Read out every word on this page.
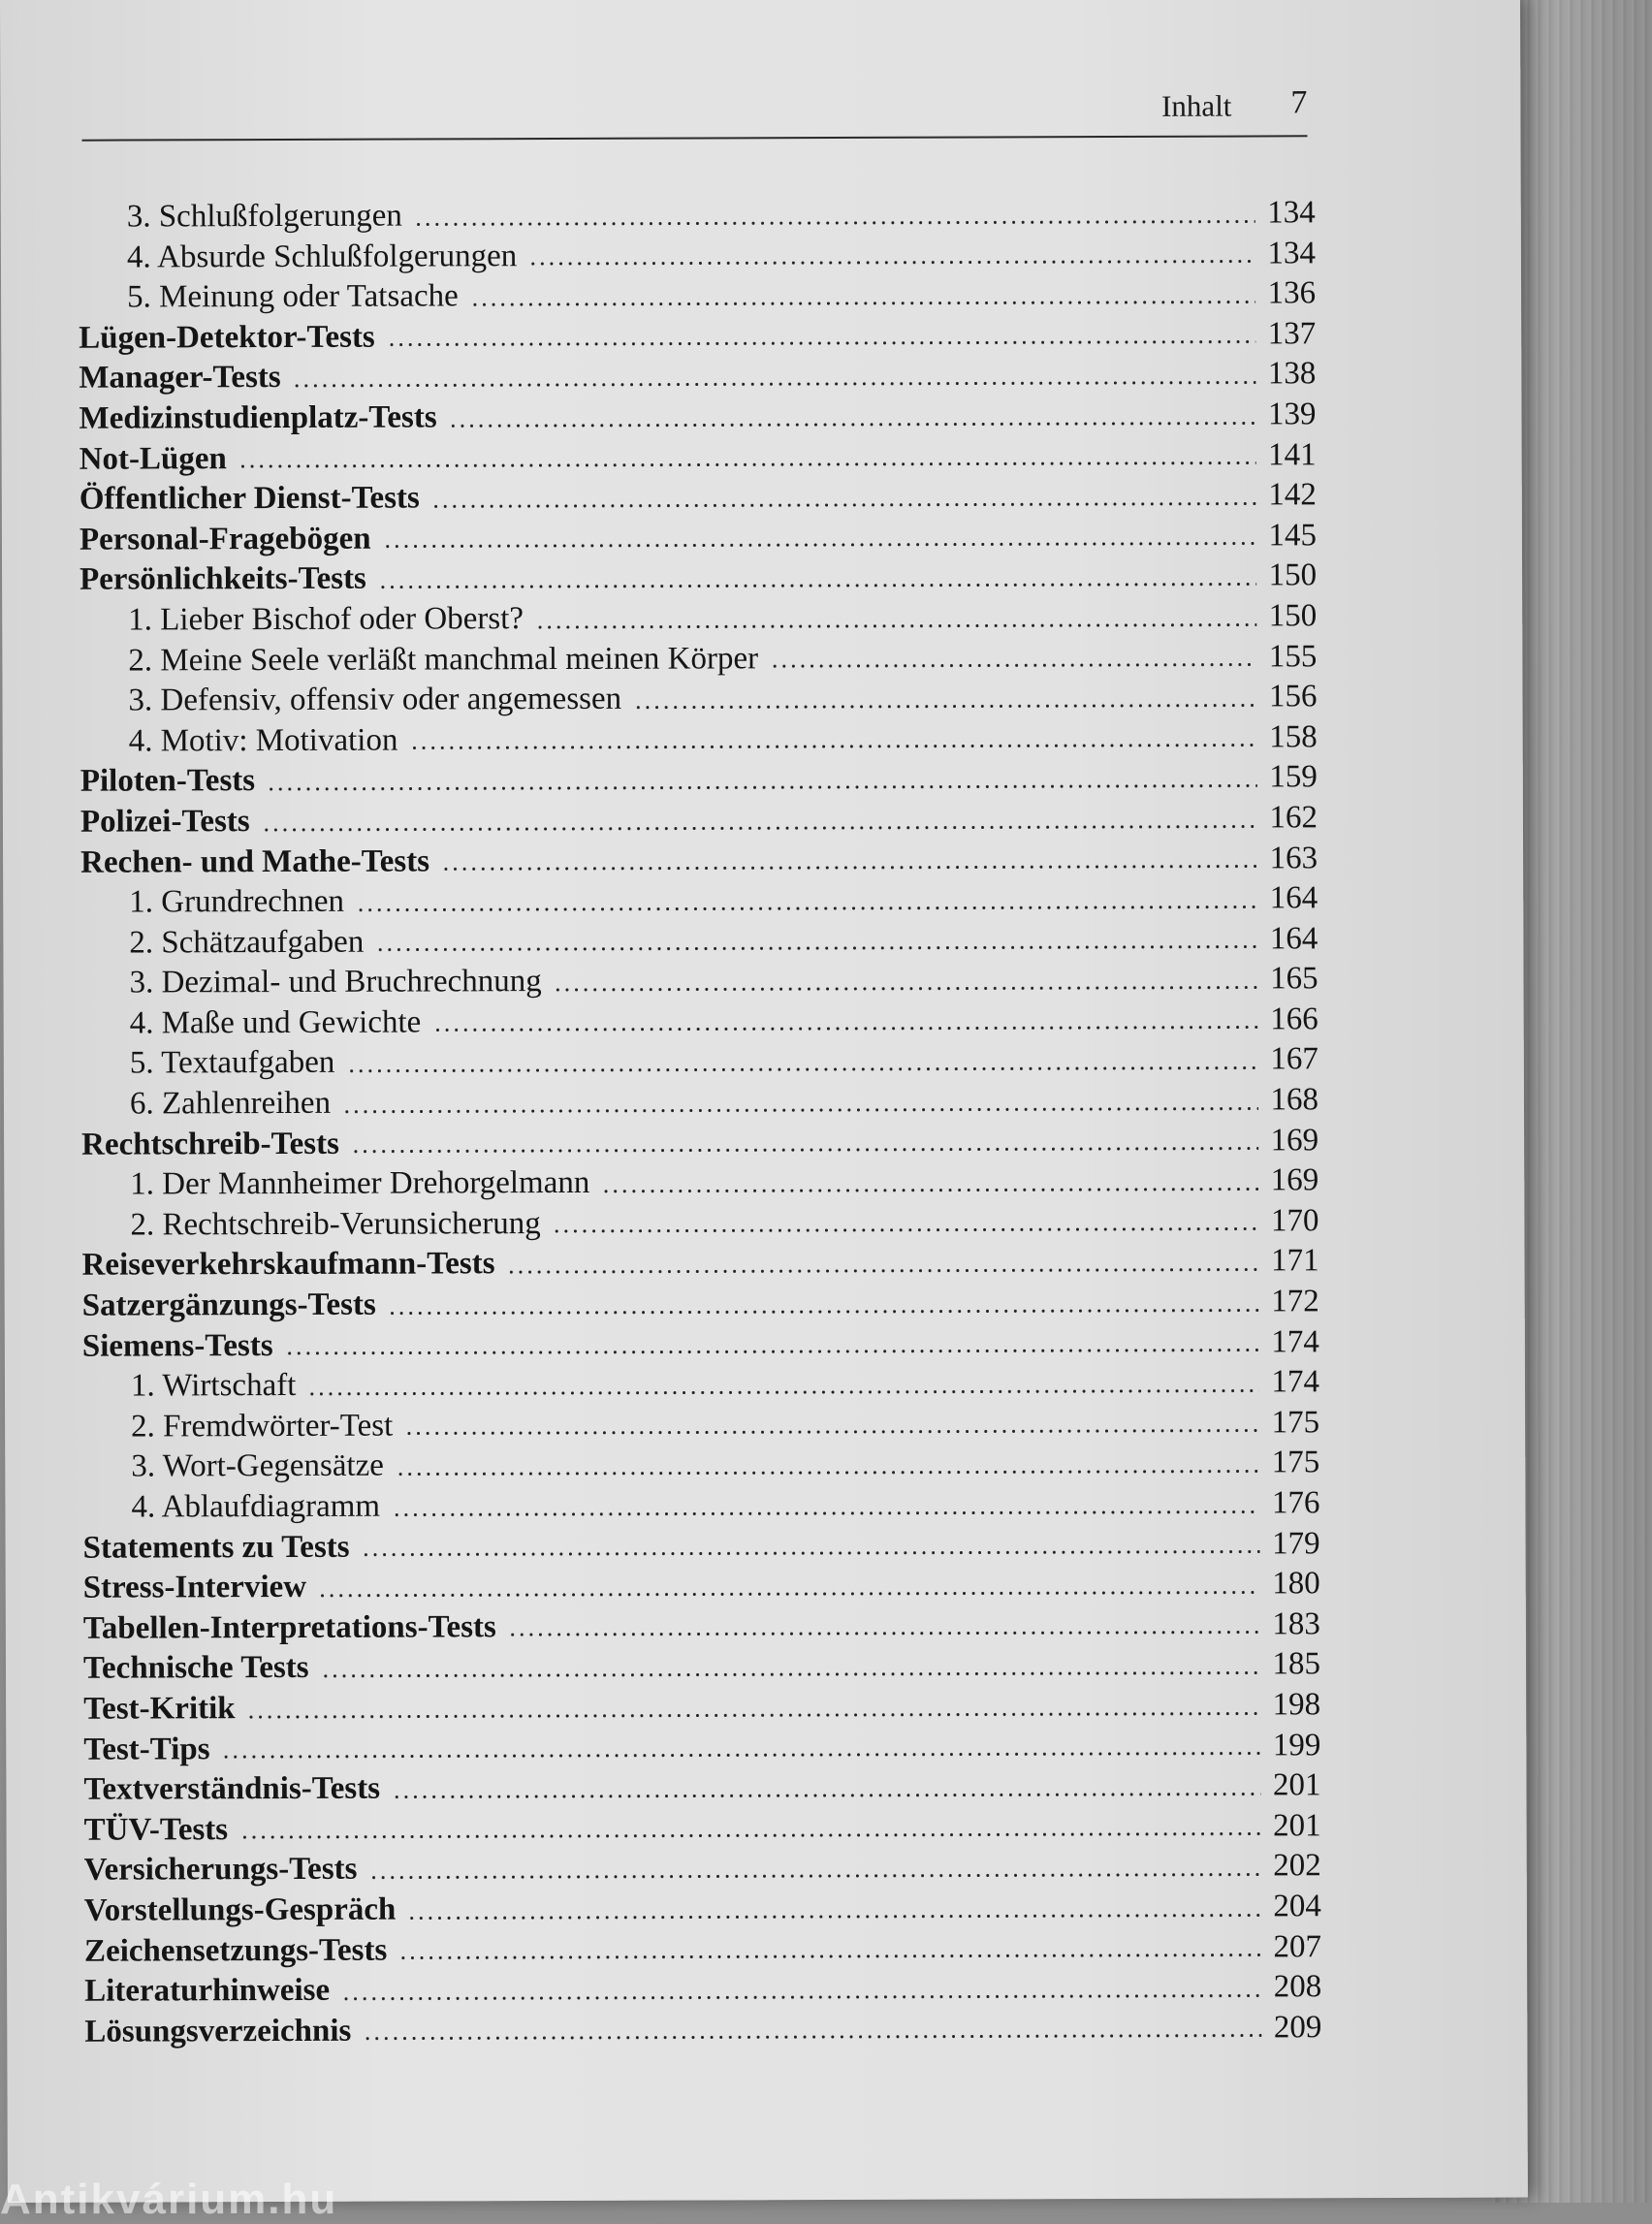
Inhalt 7
3. Schlußfolgerungen	134
4. Absurde Schlußfolgerungen	134
5. Meinung oder Tatsache	136
Lügen-Detektor-Tests	137
Manager-Tests	138
Medizinstudienplatz-Tests	139
Not-Lügen	141
Öffentlicher Dienst-Tests	142
Personal-Fragebögen	145
Persönlichkeits-Tests	150
1. Lieber Bischof oder Oberst?	150
2. Meine Seele verläßt manchmal meinen Körper	155
3. Defensiv, offensiv oder angemessen	156
4. Motiv: Motivation	158
Piloten-Tests	159
Polizei-Tests	162
Rechen- und Mathe-Tests	163
1. Grundrechnen	164
2. Schätzaufgaben	164
3. Dezimal- und Bruchrechnung	165
4. Maße und Gewichte	166
5. Textaufgaben	167
6. Zahlenreihen	168
Rechtschreib-Tests	169
1. Der Mannheimer Drehorgelmann	169
2. Rechtschreib-Verunsicherung	170
Reiseverkehrskaufmann-Tests	171
Satzergänzungs-Tests	172
Siemens-Tests	174
1. Wirtschaft	174
2. Fremdwörter-Test	175
3. Wort-Gegensätze	175
4. Ablaufdiagramm	176
Statements zu Tests	179
Stress-Interview	180
Tabellen-Interpretations-Tests	183
Technische Tests	185
Test-Kritik	198
Test-Tips	199
Textverständnis-Tests	201
TÜV-Tests	201
Versicherungs-Tests	202
Vorstellungs-Gespräch	204
Zeichensetzungs-Tests	207
Literaturhinweise	208
Lösungsverzeichnis	209
Antikvárium.hu
